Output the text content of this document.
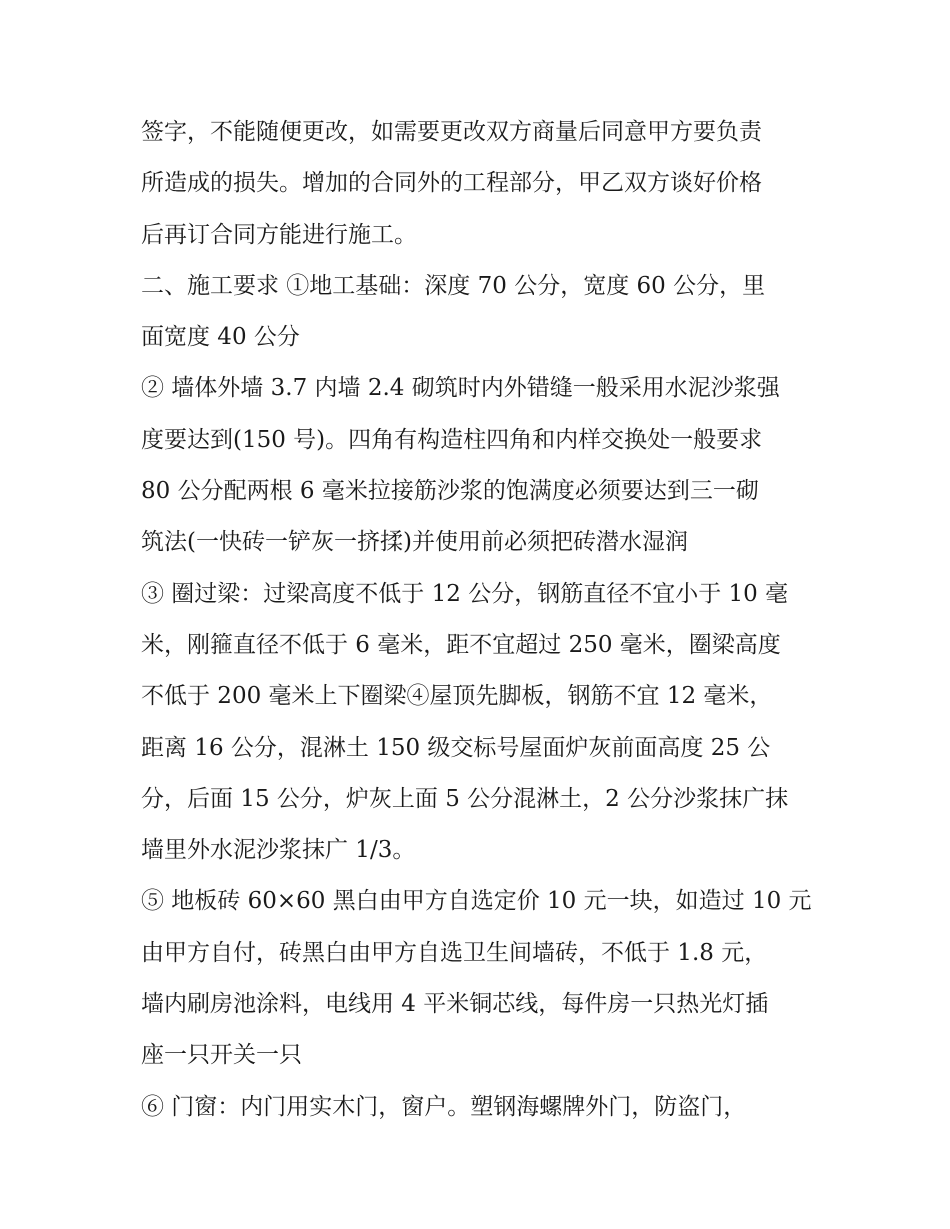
签字，不能随便更改，如需要更改双方商量后同意甲方要负责
所造成的损失。增加的合同外的工程部分，甲乙双方谈好价格
后再订合同方能进行施工。
二、施工要求 ①地工基础：深度 70 公分，宽度 60 公分，里
面宽度 40 公分
② 墙体外墙 3.7 内墙 2.4 砌筑时内外错缝一般采用水泥沙浆强
度要达到(150 号)。四角有构造柱四角和内样交换处一般要求
80 公分配两根 6 毫米拉接筋沙浆的饱满度必须要达到三一砌
筑法(一快砖一铲灰一挤揉)并使用前必须把砖潜水湿润
③ 圈过梁：过梁高度不低于 12 公分，钢筋直径不宜小于 10 毫
米，刚箍直径不低于 6 毫米，距不宜超过 250 毫米，圈梁高度
不低于 200 毫米上下圈梁④屋顶先脚板，钢筋不宜 12 毫米，
距离 16 公分，混淋土 150 级交标号屋面炉灰前面高度 25 公
分，后面 15 公分，炉灰上面 5 公分混淋土，2 公分沙浆抹广抹
墙里外水泥沙浆抹广 1/3。
⑤ 地板砖 60×60 黑白由甲方自选定价 10 元一块，如造过 10 元
由甲方自付，砖黑白由甲方自选卫生间墙砖，不低于 1.8 元，
墙内刷房池涂料，电线用 4 平米铜芯线，每件房一只热光灯插
座一只开关一只
⑥ 门窗：内门用实木门，窗户。塑钢海螺牌外门，防盗门，
